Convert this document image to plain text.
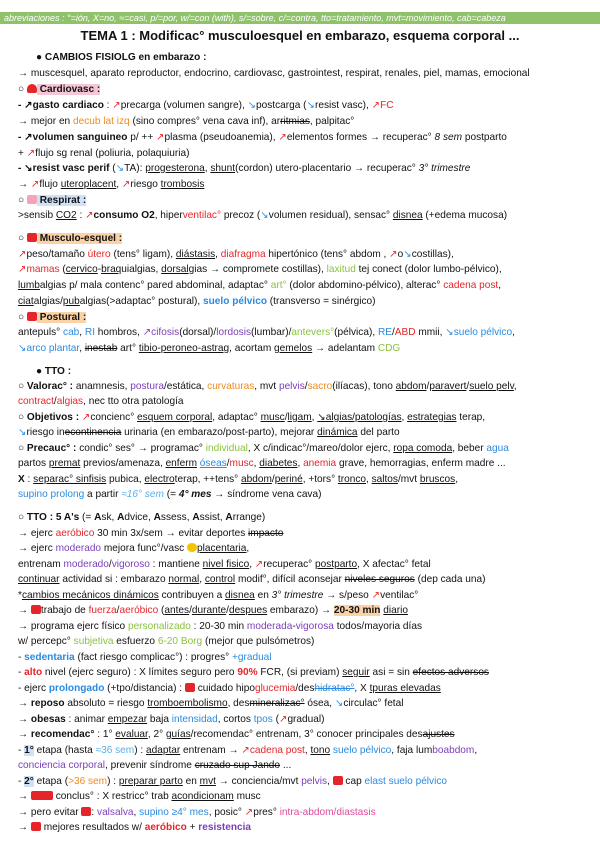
abreviaciones : °=ión, X=no, ≈=casi, p/=por, w/=con (with), s/=sobre, c/=contra, tto=tratamiento, mvt=movimiento, cab=cabeza
TEMA 1 : Modificac° musculoesquel en embarazo, esquema corporal ...
● CAMBIOS FISIOLG en embarazo :
→ muscesquel, aparato reproductor, endocrino, cardiovasc, gastrointest, respirat, renales, piel, mamas, emocional
○  Cardiovasc :
- ↗gasto cardiaco : ↗precarga (volumen sangre), ↘postcarga (↘resist vasc), ↗FC
→ mejor en decub lat izq (sino compres° vena cava inf), arritmias, palpitac°
- ↗volumen sanguineo p/ ++ ↗plasma (pseudoanemia), ↗elementos formes → recuperac° 8 sem postparto
+ ↗flujo sg renal (poliuria, polaquiuria)
- ↘resist vasc perif (↘TA): progesterona, shunt(cordon) utero-placentario → recuperac° 3° trimestre
→ ↗flujo uteroplacent, ↗riesgo trombosis
○  Respirat :
>sensib CO2 : ↗consumo O2, hiperventilac° precoz (↘volumen residual), sensac° disnea (+edema mucosa)
○  Musculo-esquel :
↗peso/tamaño útero (tens° ligam), diástasis, diafragma hipertónico (tens° abdom , ↗o↘costillas),
↗mamas (cervico-braquialgias, dorsalgias → compromete costillas), laxitud tej conect (dolor lumbo-pélvico),
lumbalgias p/ mala contenc° pared abdominal, adaptac° art° (dolor abdomino-pélvico), alterac° cadena post,
ciatalgias/pubalgias(>adaptac° postural), suelo pélvico (transverso = sinérgico)
○  Postural :
antepuls° cab, RI hombros, ↗cifosis(dorsal)/lordosis(lumbar)/antevers°(pélvica), RE/ABD mmii, ↘suelo pélvico,
↘arco plantar, inestab art° tibio-peroneo-astrag, acortam gemelos → adelantam CDG
● TTO :
○ Valorac° : anamnesis, postura/estática, curvaturas, mvt pelvis/sacro(ilíacas), tono abdom/paravert/suelo pelv,
contract/algias, nec tto otra patología
○ Objetivos : ↗concienc° esquem corporal, adaptac° musc/ligam, ↘algias/patologías, estrategias terap,
↘riesgo inecontinencia urinaria (en embarazo/post-parto), mejorar dinámica del parto
○ Precauc° : condic° ses° → programac° individual, X c/indicac°/mareo/dolor ejerc, ropa comoda, beber agua
partos premat previos/amenaza, enferm óseas/musc, diabetes, anemia grave, hemorragias, enferm madre ...
X : separac° sinfisis pubica, electroterap, ++tens° abdom/periné, +tors° tronco, saltos/mvt bruscos,
supino prolong a partir ≈16° sem (= 4° mes → síndrome vena cava)
○ TTO : 5 A's (= Ask, Advice, Assess, Assist, Arrange)
→ ejerc aeróbico 30 min 3x/sem → evitar deportes impacto
→ ejerc moderado mejora func°/vasc placentaria,
entrenam moderado/vigoroso : mantiene nivel fisico, ↗recuperac° postparto, X afectac° fetal
continuar actividad si : embarazo normal, control modif°, difícil aconsejar niveles seguros (dep cada una)
*cambios mecánicos dinámicos contribuyen a disnea en 3° trimestre → s/peso ↗ventilac°
→ trabajo de fuerza/aeróbico (antes/durante/despues embarazo) → 20-30 min diario
→ programa ejerc físico personalizado : 20-30 min moderada-vigorosa todos/mayoria días
w/ percepc° subjetiva esfuerzo 6-20 Borg (mejor que pulsómetros)
- sedentaria (fact riesgo complicac°) : progres° +gradual
- alto nivel (ejerc seguro) : X límites seguro pero 90% FCR, (si previam) seguir asi = sin efectos adversos
- ejerc prolongado (+tpo/distancia) :  cuidado hipoglucemia/deshidratac°, X tpuras elevadas
→ reposo absoluto = riesgo tromboembolismo, desmineralizac° ósea, ↘circulac° fetal
→ obesas : animar empezar baja intensidad, cortos tpos (↗gradual)
→ recomendac° : 1° evaluar, 2° guías/recomendac° entrenam, 3° conocer principales desajustes
- 1° etapa (hasta ≈36 sem) : adaptar entrenam → ↗cadena post, tono suelo pélvico, faja lumboabdom,
conciencia corporal, prevenir síndrome cruzado sup Jando ...
- 2° etapa (>36 sem) : preparar parto en mvt → conciencia/mvt pelvis,  cap elast suelo pélvico
→  conclus° : X restricc° trab acondicionam musc
→ pero evitar : valsalva, supino ≥4° mes, posic° ↗pres° intra-abdom/diastasis
→  mejores resultados w/ aeróbico + resistencia
